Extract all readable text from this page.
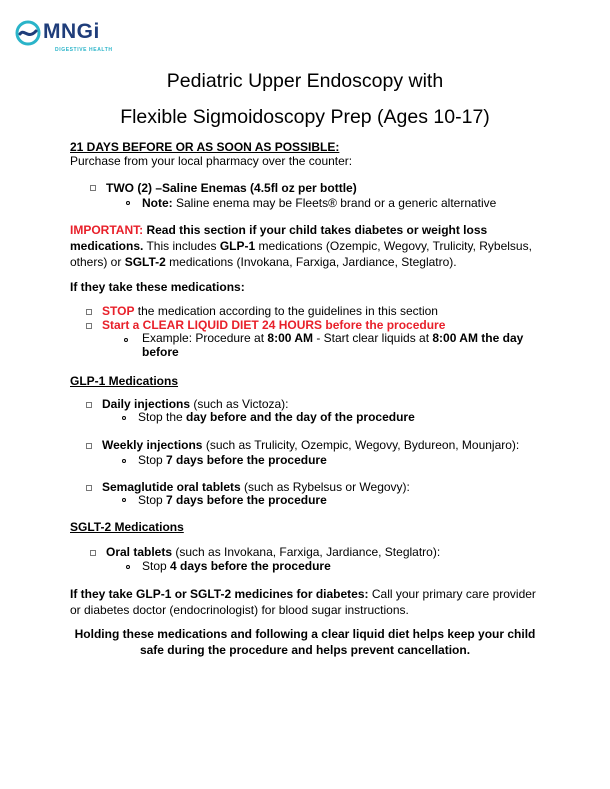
MNGi
DIGESTIVE HEALTH
Pediatric Upper Endoscopy with
Flexible Sigmoidoscopy Prep (Ages 10-17)
21 DAYS BEFORE OR AS SOON AS POSSIBLE:
Purchase from your local pharmacy over the counter:
TWO (2) –Saline Enemas (4.5fl oz per bottle)
Note: Saline enema may be Fleets® brand or a generic alternative
IMPORTANT: Read this section if your child takes diabetes or weight loss
medications. This includes GLP-1 medications (Ozempic, Wegovy, Trulicity, Rybelsus,
others) or SGLT-2 medications (Invokana, Farxiga, Jardiance, Steglatro).
If they take these medications:
STOP the medication according to the guidelines in this section
Start a CLEAR LIQUID DIET 24 HOURS before the procedure
Example: Procedure at 8:00 AM - Start clear liquids at 8:00 AM the day
before
GLP-1 Medications
Daily injections (such as Victoza):
Stop the day before and the day of the procedure
Weekly injections (such as Trulicity, Ozempic, Wegovy, Bydureon, Mounjaro):
Stop 7 days before the procedure
Semaglutide oral tablets (such as Rybelsus or Wegovy):
Stop 7 days before the procedure
SGLT-2 Medications
Oral tablets (such as Invokana, Farxiga, Jardiance, Steglatro):
Stop 4 days before the procedure
If they take GLP-1 or SGLT-2 medicines for diabetes: Call your primary care provider
or diabetes doctor (endocrinologist) for blood sugar instructions.
Holding these medications and following a clear liquid diet helps keep your child
safe during the procedure and helps prevent cancellation.
